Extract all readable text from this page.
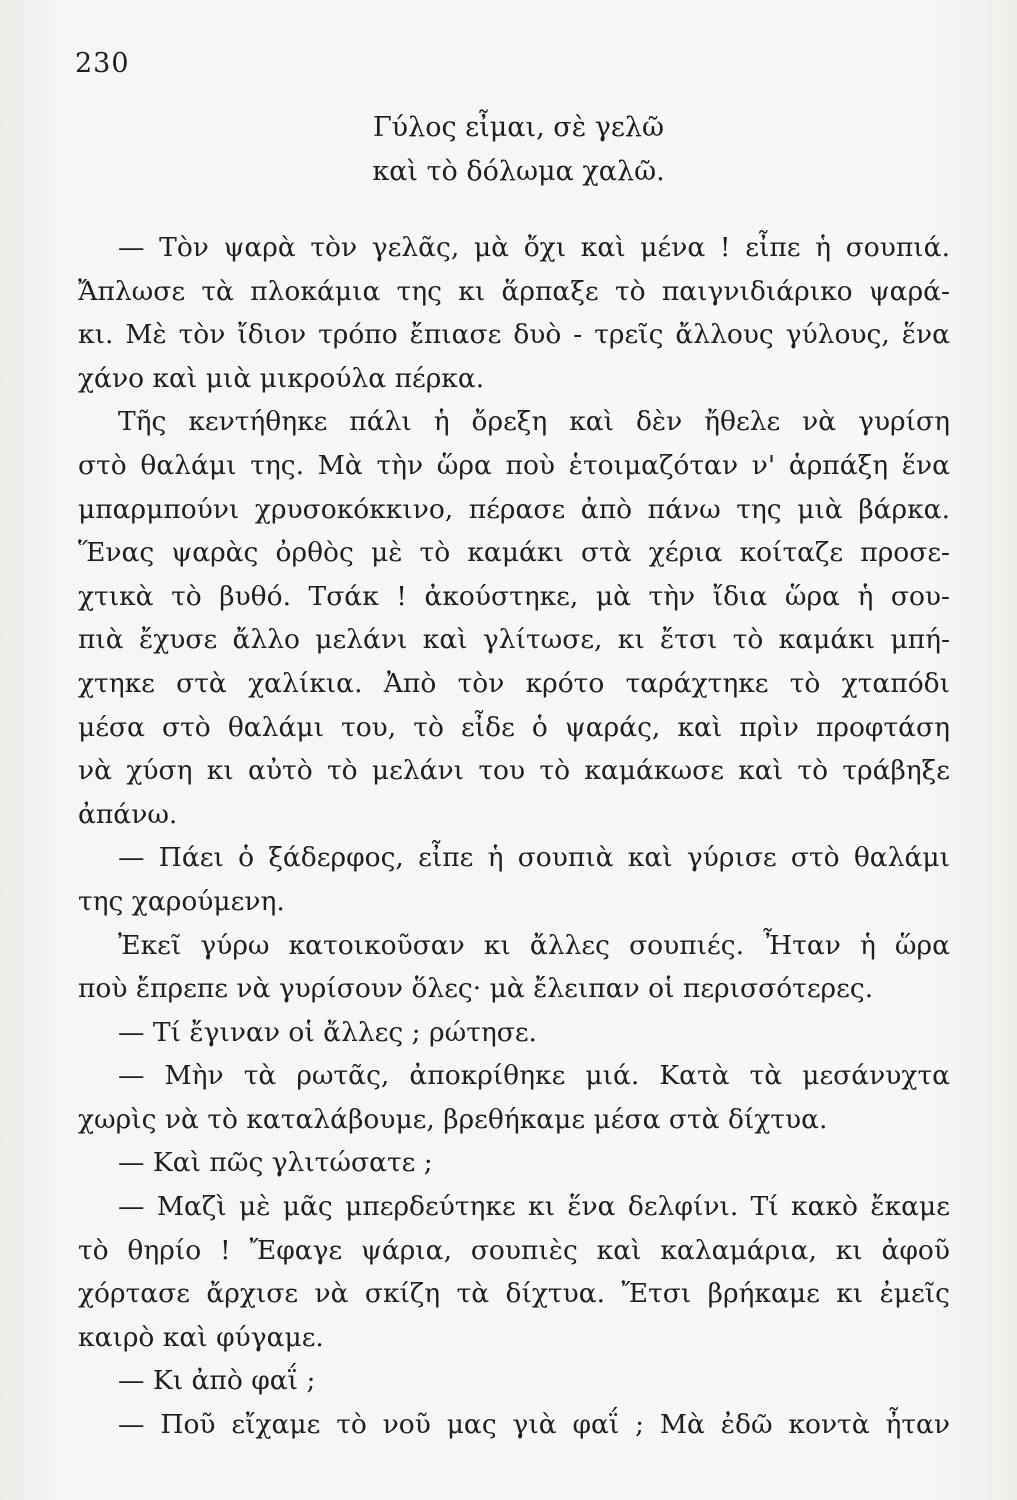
230
Γύλος εἶμαι, σὲ γελῶ
καὶ τὸ δόλωμα χαλῶ.
— Τὸν ψαρὰ τὸν γελᾶς, μὰ ὄχι καὶ μένα ! εἶπε ἡ σουπιά.
Ἄπλωσε τὰ πλοκάμια της κι ἅρπαξε τὸ παιγνιδιάρικο ψαρά-
κι. Μὲ τὸν ἴδιον τρόπο ἔπιασε δυὸ - τρεῖς ἄλλους γύλους, ἕνα
χάνο καὶ μιὰ μικρούλα πέρκα.
Τῆς κεντήθηκε πάλι ἡ ὄρεξη καὶ δὲν ἤθελε νὰ γυρίση
στὸ θαλάμι της. Μὰ τὴν ὥρα ποὺ ἑτοιμαζόταν ν' ἁρπάξη ἕνα
μπαρμπούνι χρυσοκόκκινο, πέρασε ἀπὸ πάνω της μιὰ βάρκα.
Ἕνας ψαρὰς ὀρθὸς μὲ τὸ καμάκι στὰ χέρια κοίταζε προσε-
χτικὰ τὸ βυθό. Τσάκ ! ἀκούστηκε, μὰ τὴν ἴδια ὥρα ἡ σου-
πιὰ ἔχυσε ἄλλο μελάνι καὶ γλίτωσε, κι ἔτσι τὸ καμάκι μπή-
χτηκε στὰ χαλίκια. Ἀπὸ τὸν κρότο ταράχτηκε τὸ χταπόδι
μέσα στὸ θαλάμι του, τὸ εἶδε ὁ ψαράς, καὶ πρὶν προφτάση
νὰ χύση κι αὐτὸ τὸ μελάνι του τὸ καμάκωσε καὶ τὸ τράβηξε
ἀπάνω.
— Πάει ὁ ξάδερφος, εἶπε ἡ σουπιὰ καὶ γύρισε στὸ θαλάμι
της χαρούμενη.
Ἐκεῖ γύρω κατοικοῦσαν κι ἄλλες σουπιές. Ἦταν ἡ ὥρα
ποὺ ἔπρεπε νὰ γυρίσουν ὅλες· μὰ ἔλειπαν οἱ περισσότερες.
— Τί ἔγιναν οἱ ἄλλες ; ρώτησε.
— Μὴν τὰ ρωτᾶς, ἀποκρίθηκε μιά. Κατὰ τὰ μεσάνυχτα
χωρὶς νὰ τὸ καταλάβουμε, βρεθήκαμε μέσα στὰ δίχτυα.
— Καὶ πῶς γλιτώσατε ;
— Μαζὶ μὲ μᾶς μπερδεύτηκε κι ἕνα δελφίνι. Τί κακὸ ἔκαμε
τὸ θηρίο ! Ἔφαγε ψάρια, σουπιὲς καὶ καλαμάρια, κι ἀφοῦ
χόρτασε ἄρχισε νὰ σκίζη τὰ δίχτυα. Ἔτσι βρήκαμε κι ἐμεῖς
καιρὸ καὶ φύγαμε.
— Κι ἀπὸ φαΐ ;
— Ποῦ εἴχαμε τὸ νοῦ μας γιὰ φαΐ ; Μὰ ἐδῶ κοντὰ ἦταν
